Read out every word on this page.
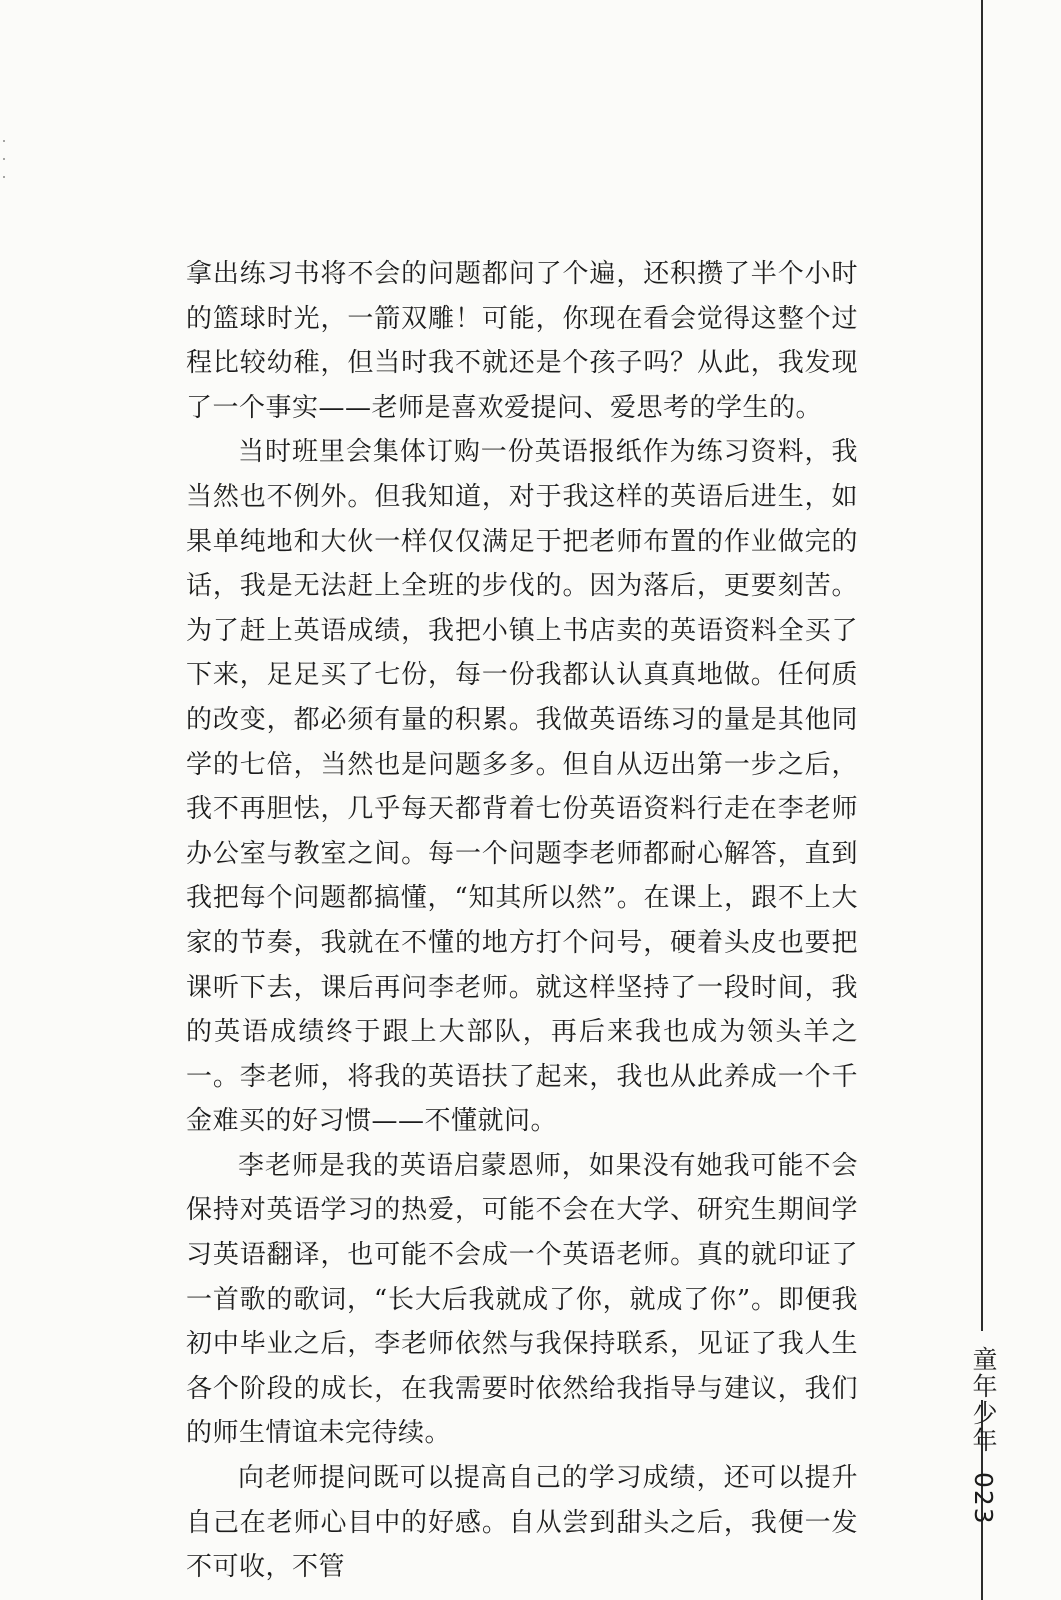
拿出练习书将不会的问题都问了个遍，还积攒了半个小时的篮球时光，一箭双雕！可能，你现在看会觉得这整个过程比较幼稚，但当时我不就还是个孩子吗？从此，我发现了一个事实——老师是喜欢爱提问、爱思考的学生的。

当时班里会集体订购一份英语报纸作为练习资料，我当然也不例外。但我知道，对于我这样的英语后进生，如果单纯地和大伙一样仅仅满足于把老师布置的作业做完的话，我是无法赶上全班的步伐的。因为落后，更要刻苦。为了赶上英语成绩，我把小镇上书店卖的英语资料全买了下来，足足买了七份，每一份我都认认真真地做。任何质的改变，都必须有量的积累。我做英语练习的量是其他同学的七倍，当然也是问题多多。但自从迈出第一步之后，我不再胆怯，几乎每天都背着七份英语资料行走在李老师办公室与教室之间。每一个问题李老师都耐心解答，直到我把每个问题都搞懂，“知其所以然”。在课上，跟不上大家的节奏，我就在不懂的地方打个问号，硬着头皮也要把课听下去，课后再问李老师。就这样坚持了一段时间，我的英语成绩终于跟上大部队，再后来我也成为领头羊之一。李老师，将我的英语扶了起来，我也从此养成一个千金难买的好习惯——不懂就问。

李老师是我的英语启蒙恩师，如果没有她我可能不会保持对英语学习的热爱，可能不会在大学、研究生期间学习英语翻译，也可能不会成一个英语老师。真的就印证了一首歌的歌词，“长大后我就成了你，就成了你”。即便我初中毕业之后，李老师依然与我保持联系，见证了我人生各个阶段的成长，在我需要时依然给我指导与建议，我们的师生情谊未完待续。

向老师提问既可以提高自己的学习成绩，还可以提升自己在老师心目中的好感。自从尝到甜头之后，我便一发不可收，不管

童年少年 023
